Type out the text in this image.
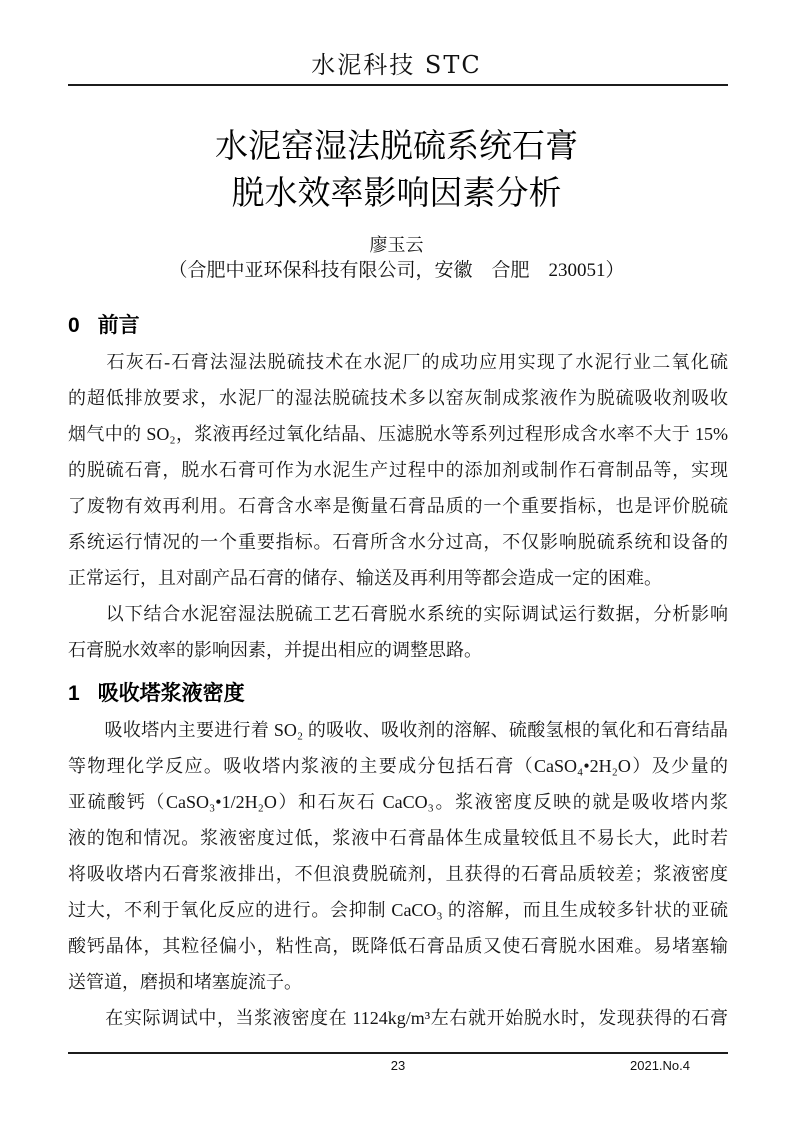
水泥科技 STC
水泥窑湿法脱硫系统石膏
脱水效率影响因素分析
廖玉云
（合肥中亚环保科技有限公司，安徽　合肥　230051）
0 前言
　　石灰石-石膏法湿法脱硫技术在水泥厂的成功应用实现了水泥行业二氧化硫
的超低排放要求，水泥厂的湿法脱硫技术多以窑灰制成浆液作为脱硫吸收剂吸收
烟气中的 SO₂，浆液再经过氧化结晶、压滤脱水等系列过程形成含水率不大于 15%
的脱硫石膏，脱水石膏可作为水泥生产过程中的添加剂或制作石膏制品等，实现
了废物有效再利用。石膏含水率是衡量石膏品质的一个重要指标，也是评价脱硫
系统运行情况的一个重要指标。石膏所含水分过高，不仅影响脱硫系统和设备的
正常运行，且对副产品石膏的储存、输送及再利用等都会造成一定的困难。
　　以下结合水泥窑湿法脱硫工艺石膏脱水系统的实际调试运行数据，分析影响
石膏脱水效率的影响因素，并提出相应的调整思路。
1 吸收塔浆液密度
　　吸收塔内主要进行着 SO₂ 的吸收、吸收剂的溶解、硫酸氢根的氧化和石膏结晶
等物理化学反应。吸收塔内浆液的主要成分包括石膏（CaSO₄•2H₂O）及少量的
亚硫酸钙（CaSO₃•1/2H₂O）和石灰石 CaCO₃。浆液密度反映的就是吸收塔内浆
液的饱和情况。浆液密度过低，浆液中石膏晶体生成量较低且不易长大，此时若
将吸收塔内石膏浆液排出，不但浪费脱硫剂，且获得的石膏品质较差；浆液密度
过大，不利于氧化反应的进行。会抑制 CaCO₃ 的溶解，而且生成较多针状的亚硫
酸钙晶体，其粒径偏小，粘性高，既降低石膏品质又使石膏脱水困难。易堵塞输
送管道，磨损和堵塞旋流子。
　　在实际调试中，当浆液密度在 1124kg/m³左右就开始脱水时，发现获得的石膏
23	2021.No.4
